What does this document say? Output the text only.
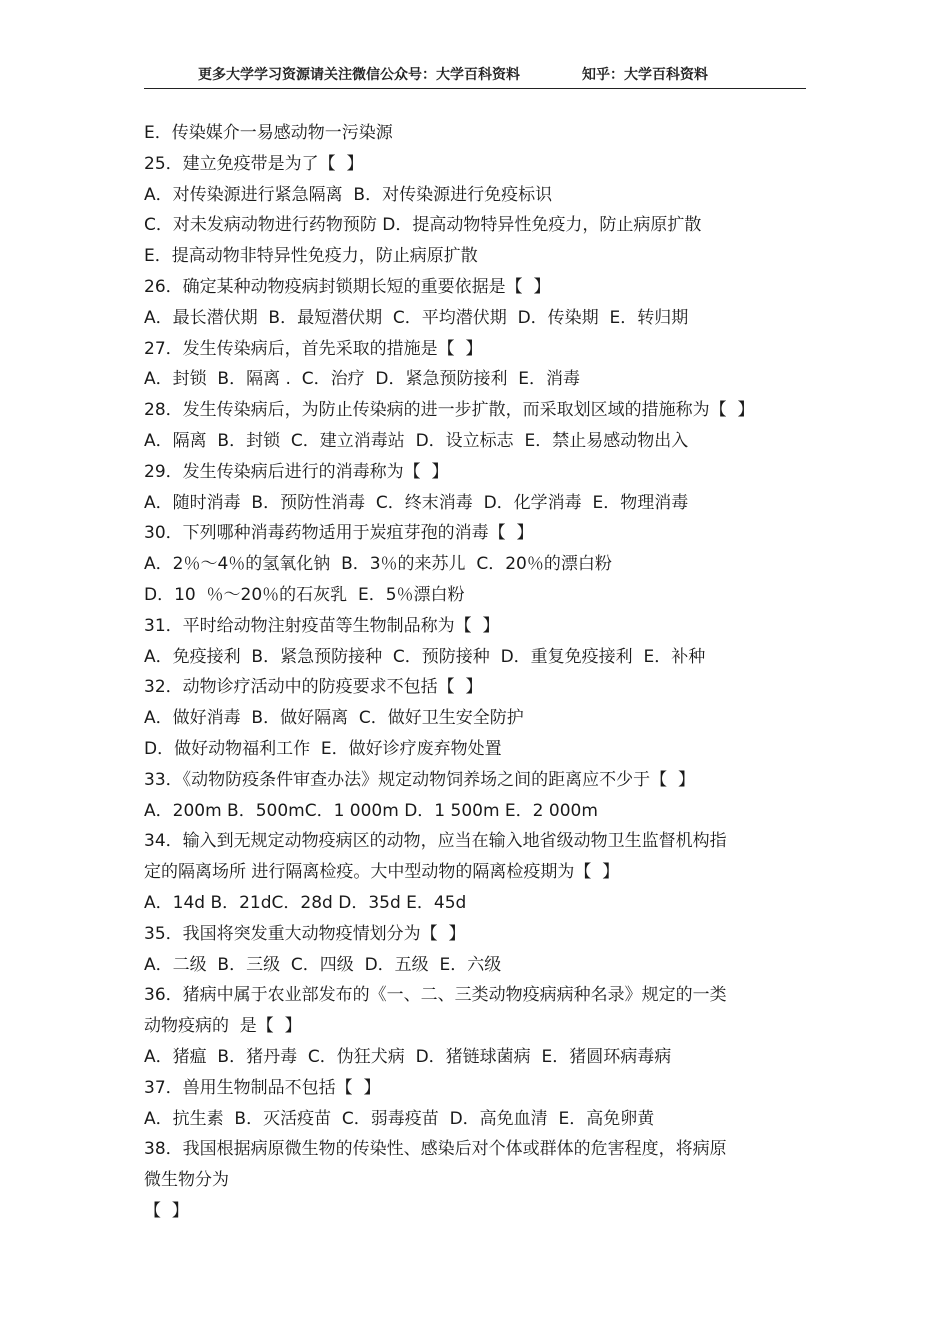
更多大学学习资源请关注微信公众号：大学百科资料	知乎：大学百科资料
E．传染媒介一易感动物一污染源
25．建立免疫带是为了【  】
A．对传染源进行紧急隔离  B．对传染源进行免疫标识
C．对未发病动物进行药物预防 D．提高动物特异性免疫力，防止病原扩散
E．提高动物非特异性免疫力，防止病原扩散
26．确定某种动物疫病封锁期长短的重要依据是【  】
A．最长潜伏期  B．最短潜伏期  C．平均潜伏期  D．传染期  E．转归期
27．发生传染病后，首先采取的措施是【  】
A．封锁  B．隔离 .  C．治疗  D．紧急预防接利  E．消毒
28．发生传染病后，为防止传染病的进一步扩散，而采取划区域的措施称为【  】
A．隔离  B．封锁  C．建立消毒站  D．设立标志  E．禁止易感动物出入
29．发生传染病后进行的消毒称为【  】
A．随时消毒  B．预防性消毒  C．终末消毒  D．化学消毒  E．物理消毒
30．下列哪种消毒药物适用于炭疽芽孢的消毒【  】
A．2％～4％的氢氧化钠  B．3％的来苏儿  C．20％的漂白粉
D．10  ％～20％的石灰乳  E．5％漂白粉
31．平时给动物注射疫苗等生物制品称为【  】
A．免疫接利  B．紧急预防接种  C．预防接种  D．重复免疫接利  E．补种
32．动物诊疗活动中的防疫要求不包括【  】
A．做好消毒  B．做好隔离  C．做好卫生安全防护
D．做好动物福利工作  E．做好诊疗废弃物处置
33．《动物防疫条件审查办法》规定动物饲养场之间的距离应不少于【  】
A．200m B．500mC．1 000m D．1 500m E．2 000m
34．输入到无规定动物疫病区的动物，应当在输入地省级动物卫生监督机构指
定的隔离场所 进行隔离检疫。大中型动物的隔离检疫期为【  】
A．14d B．21dC．28d D．35d E．45d
35．我国将突发重大动物疫情划分为【  】
A．二级  B．三级  C．四级  D．五级  E．六级
36．猪病中属于农业部发布的《一、二、三类动物疫病病种名录》规定的一类
动物疫病的  是【  】
A．猪瘟  B．猪丹毒  C．伪狂犬病  D．猪链球菌病  E．猪圆环病毒病
37．兽用生物制品不包括【  】
A．抗生素  B．灭活疫苗  C．弱毒疫苗  D．高免血清  E．高免卵黄
38．我国根据病原微生物的传染性、感染后对个体或群体的危害程度，将病原
微生物分为
【  】
